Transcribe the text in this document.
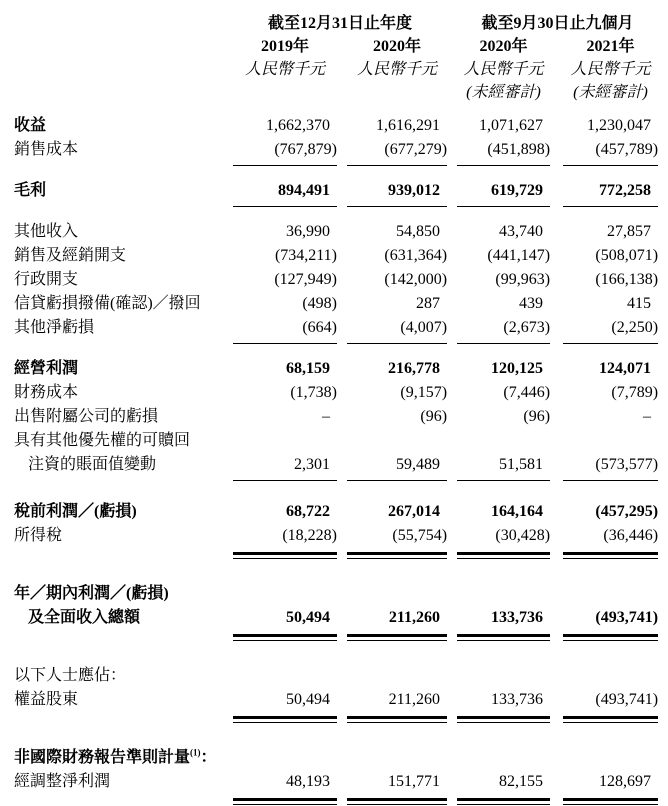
	截至12月31日止年度				截至9月30日止九個月		
	2019年		2020年		2020年		2021年
	人民幣千元		人民幣千元		人民幣千元		人民幣千元
					(未經審計)		(未經審計)
收益	1,662,370		1,616,291		1,071,627		1,230,047
銷售成本	(767,879)		(677,279)		(451,898)		(457,789)

毛利	894,491		939,012		619,729		772,258

其他收入	36,990		54,850		43,740		27,857
銷售及經銷開支	(734,211)		(631,364)		(441,147)		(508,071)
行政開支	(127,949)		(142,000)		(99,963)		(166,138)
信貸虧損撥備(確認)／撥回	(498)		287		439		415
其他淨虧損	(664)		(4,007)		(2,673)		(2,250)

經營利潤	68,159		216,778		120,125		124,071
財務成本	(1,738)		(9,157)		(7,446)		(7,789)
出售附屬公司的虧損	–		(96)		(96)		–
具有其他優先權的可贖回							
注資的賬面值變動	2,301		59,489		51,581		(573,577)

稅前利潤／(虧損)	68,722		267,014		164,164		(457,295)
所得稅	(18,228)		(55,754)		(30,428)		(36,446)

年／期內利潤／(虧損)							
及全面收入總額	50,494		211,260		133,736		(493,741)

以下人士應佔：							
權益股東	50,494		211,260		133,736		(493,741)

非國際財務報告準則計量$^{(1)}$：							
經調整淨利潤	48,193		151,771		82,155		128,697
